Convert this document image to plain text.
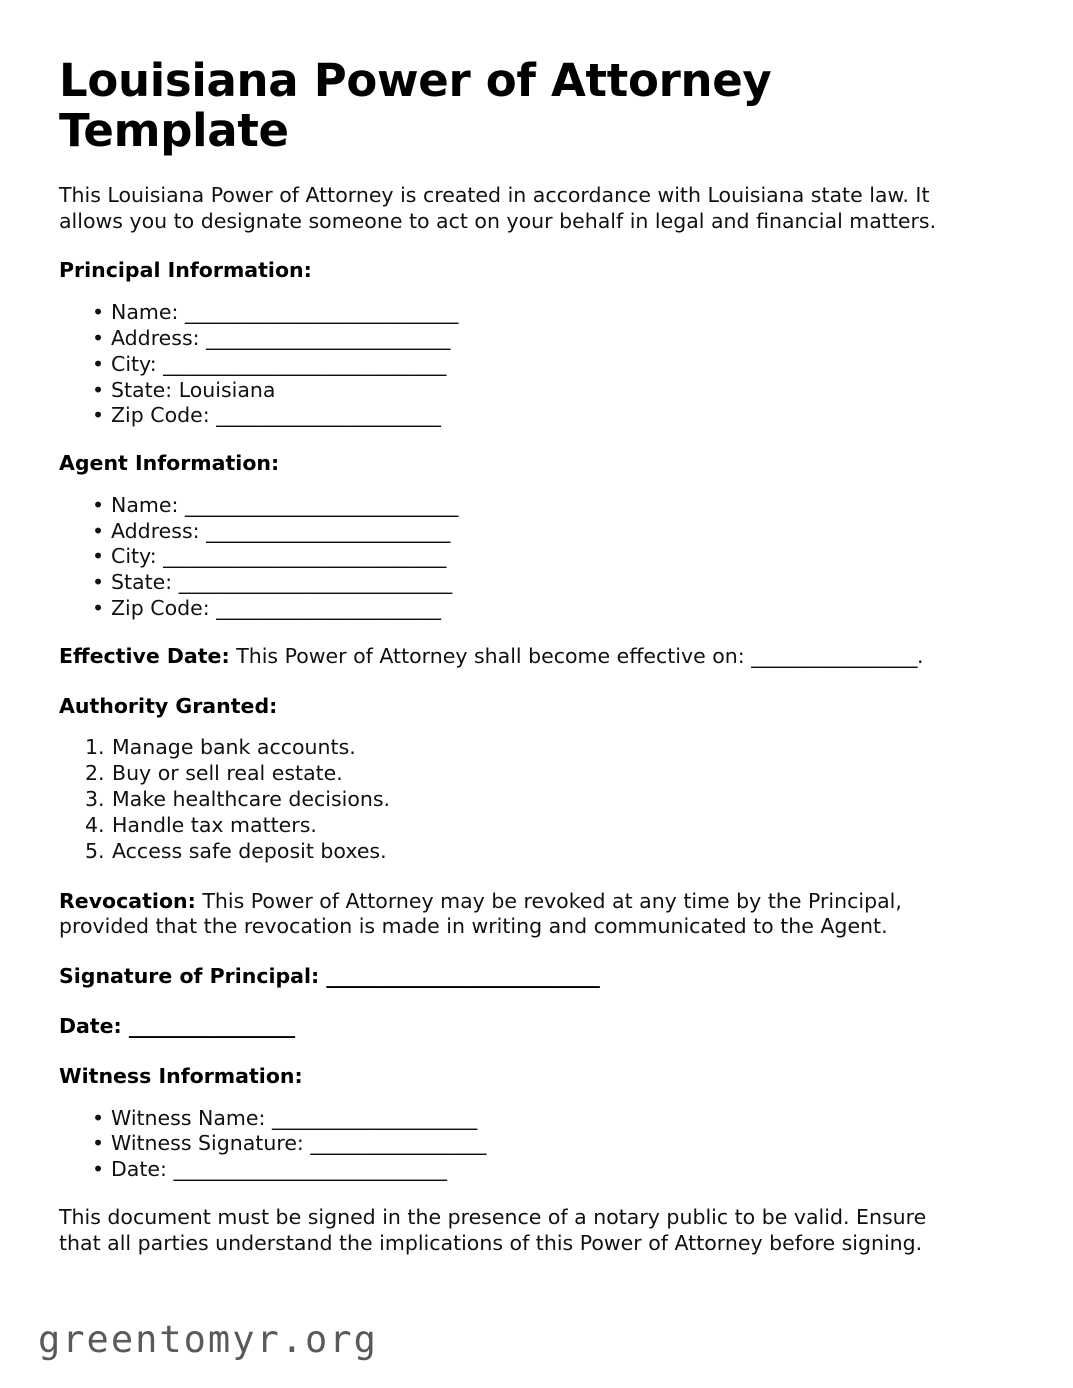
Louisiana Power of Attorney Template

This Louisiana Power of Attorney is created in accordance with Louisiana state law. It allows you to designate someone to act on your behalf in legal and financial matters.

Principal Information:
• Name: ____________________________
• Address: _________________________
• City: _____________________________
• State: Louisiana
• Zip Code: _______________________
Agent Information:
• Name: ____________________________
• Address: _________________________
• City: _____________________________
• State: ____________________________
• Zip Code: _______________________

Effective Date: This Power of Attorney shall become effective on: _________________.

Authority Granted:
Manage bank accounts.
Buy or sell real estate.
Make healthcare decisions.
Handle tax matters.
Access safe deposit boxes.

Revocation: This Power of Attorney may be revoked at any time by the Principal, provided that the revocation is made in writing and communicated to the Agent.

Signature of Principal: ____________________________

Date: _________________

Witness Information:
• Witness Name: _____________________
• Witness Signature: __________________
• Date: ____________________________

This document must be signed in the presence of a notary public to be valid. Ensure that all parties understand the implications of this Power of Attorney before signing.

greentomyr.org
